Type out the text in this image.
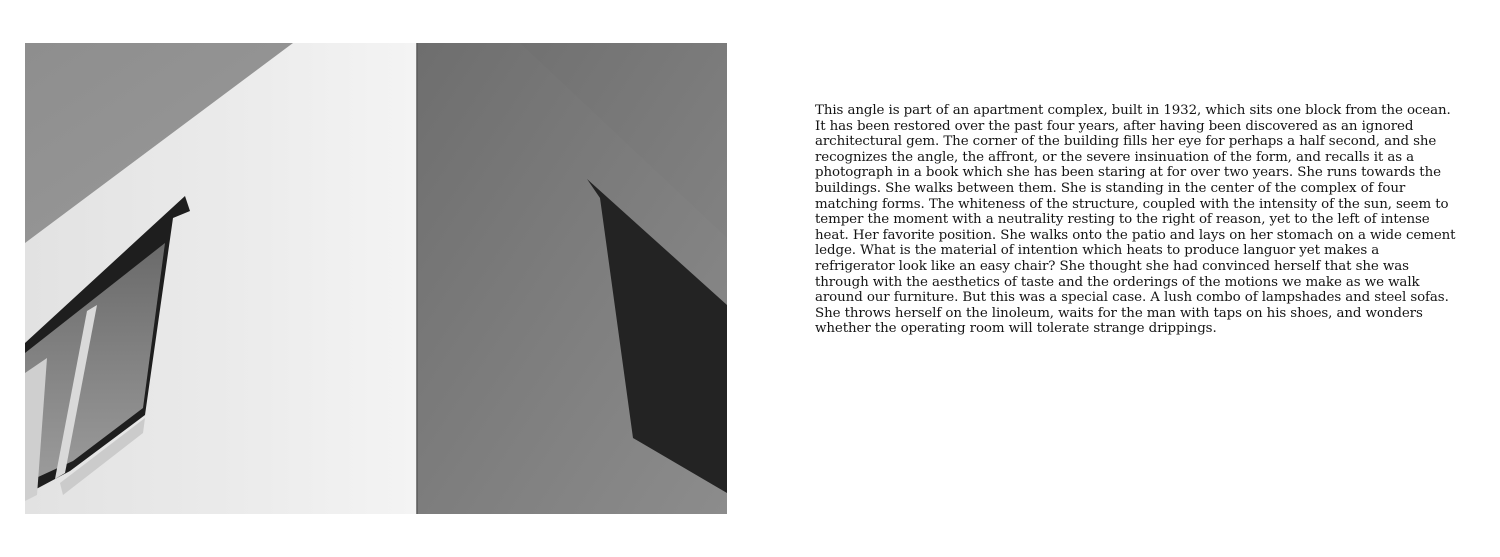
This angle is part of an apartment complex, built in 1932, which sits one block from the ocean.
It has been restored over the past four years, after having been discovered as an ignored
architectural gem. The corner of the building fills her eye for perhaps a half second, and she
recognizes the angle, the affront, or the severe insinuation of the form, and recalls it as a
photograph in a book which she has been staring at for over two years. She runs towards the
buildings. She walks between them. She is standing in the center of the complex of four
matching forms. The whiteness of the structure, coupled with the intensity of the sun, seem to
temper the moment with a neutrality resting to the right of reason, yet to the left of intense
heat. Her favorite position. She walks onto the patio and lays on her stomach on a wide cement
ledge. What is the material of intention which heats to produce languor yet makes a
refrigerator look like an easy chair? She thought she had convinced herself that she was
through with the aesthetics of taste and the orderings of the motions we make as we walk
around our furniture. But this was a special case. A lush combo of lampshades and steel sofas.
She throws herself on the linoleum, waits for the man with taps on his shoes, and wonders
whether the operating room will tolerate strange drippings.
